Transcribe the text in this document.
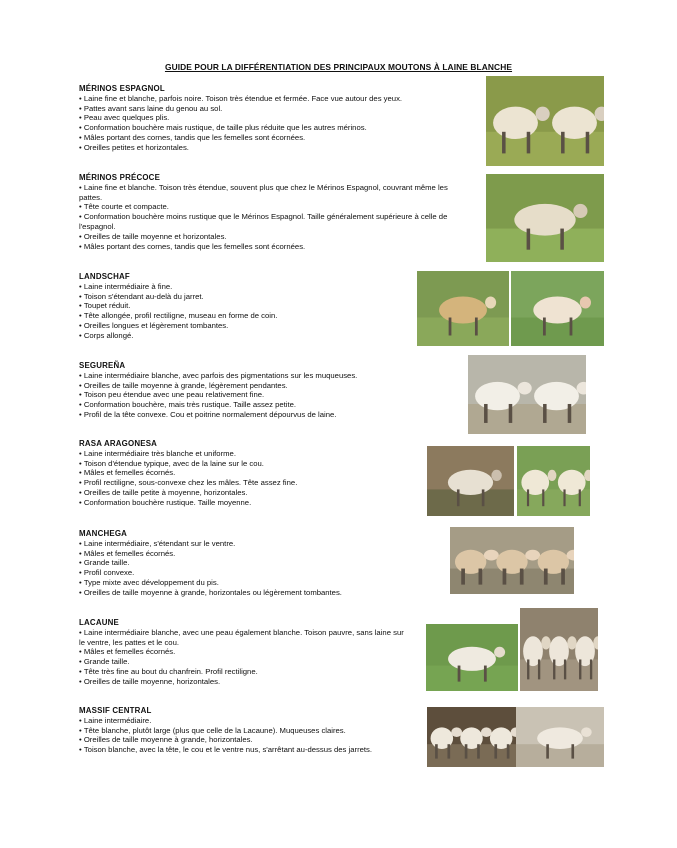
GUIDE POUR LA DIFFÉRENTIATION DES PRINCIPAUX MOUTONS À LAINE BLANCHE
MÉRINOS ESPAGNOL
• Laine fine et blanche, parfois noire. Toison très étendue et fermée. Face vue autour des yeux.
• Pattes avant sans laine du genou au sol.
• Peau avec quelques plis.
• Conformation bouchère mais rustique, de taille plus réduite que les autres mérinos.
• Mâles portant des cornes, tandis que les femelles sont écornées.
• Oreilles petites et horizontales.
MÉRINOS PRÉCOCE
• Laine fine et blanche. Toison très étendue, souvent plus que chez le Mérinos Espagnol, couvrant même les pattes.
• Tête courte et compacte.
• Conformation bouchère moins rustique que le Mérinos Espagnol. Taille généralement supérieure à celle de l'espagnol.
• Oreilles de taille moyenne et horizontales.
• Mâles portant des cornes, tandis que les femelles sont écornées.
LANDSCHAF
• Laine intermédiaire à fine.
• Toison s'étendant au-delà du jarret.
• Toupet réduit.
• Tête allongée, profil rectiligne, museau en forme de coin.
• Oreilles longues et légèrement tombantes.
• Corps allongé.
SEGUREÑA
• Laine intermédiaire blanche, avec parfois des pigmentations sur les muqueuses.
• Oreilles de taille moyenne à grande, légèrement pendantes.
• Toison peu étendue avec une peau relativement fine.
• Conformation bouchère, mais très rustique. Taille assez petite.
• Profil de la tête convexe. Cou et poitrine normalement dépourvus de laine.
RASA ARAGONESA
• Laine intermédiaire très blanche et uniforme.
• Toison d'étendue typique, avec de la laine sur le cou.
• Mâles et femelles écornés.
• Profil rectiligne, sous-convexe chez les mâles. Tête assez fine.
• Oreilles de taille petite à moyenne, horizontales.
• Conformation bouchère rustique. Taille moyenne.
MANCHEGA
• Laine intermédiaire, s'étendant sur le ventre.
• Mâles et femelles écornés.
• Grande taille.
• Profil convexe.
• Type mixte avec développement du pis.
• Oreilles de taille moyenne à grande, horizontales ou légèrement tombantes.
LACAUNE
• Laine intermédiaire blanche, avec une peau également blanche. Toison pauvre, sans laine sur le ventre, les pattes et le cou.
• Mâles et femelles écornés.
• Grande taille.
• Tête très fine au bout du chanfrein. Profil rectiligne.
• Oreilles de taille moyenne, horizontales.
MASSIF CENTRAL
• Laine intermédiaire.
• Tête blanche, plutôt large (plus que celle de la Lacaune). Muqueuses claires.
• Oreilles de taille moyenne à grande, horizontales.
• Toison blanche, avec la tête, le cou et le ventre nus, s'arrêtant au-dessus des jarrets.
